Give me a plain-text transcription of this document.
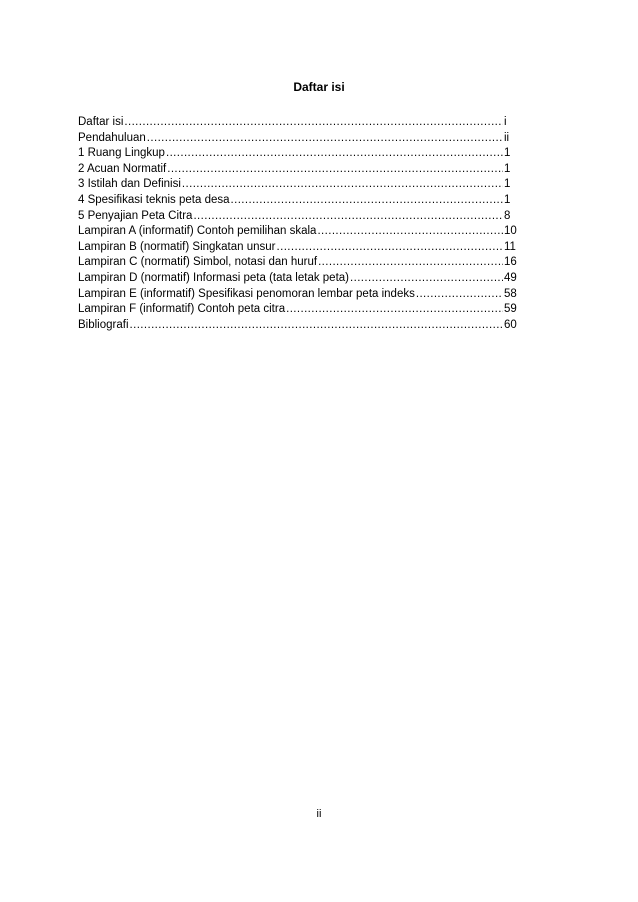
Daftar isi
Daftar isi .....	i
Pendahuluan .....	ii
1 Ruang Lingkup .....	1
2 Acuan Normatif .....	1
3 Istilah dan Definisi .....	1
4 Spesifikasi teknis peta desa .....	1
5 Penyajian Peta Citra .....	8
Lampiran A (informatif) Contoh pemilihan skala .....	10
Lampiran B (normatif) Singkatan unsur .....	11
Lampiran C (normatif) Simbol, notasi dan huruf .....	16
Lampiran D (normatif) Informasi peta (tata letak peta) .....	49
Lampiran E (informatif) Spesifikasi penomoran lembar peta indeks .....	58
Lampiran F (informatif) Contoh peta citra .....	59
Bibliografi .....	60
ii
